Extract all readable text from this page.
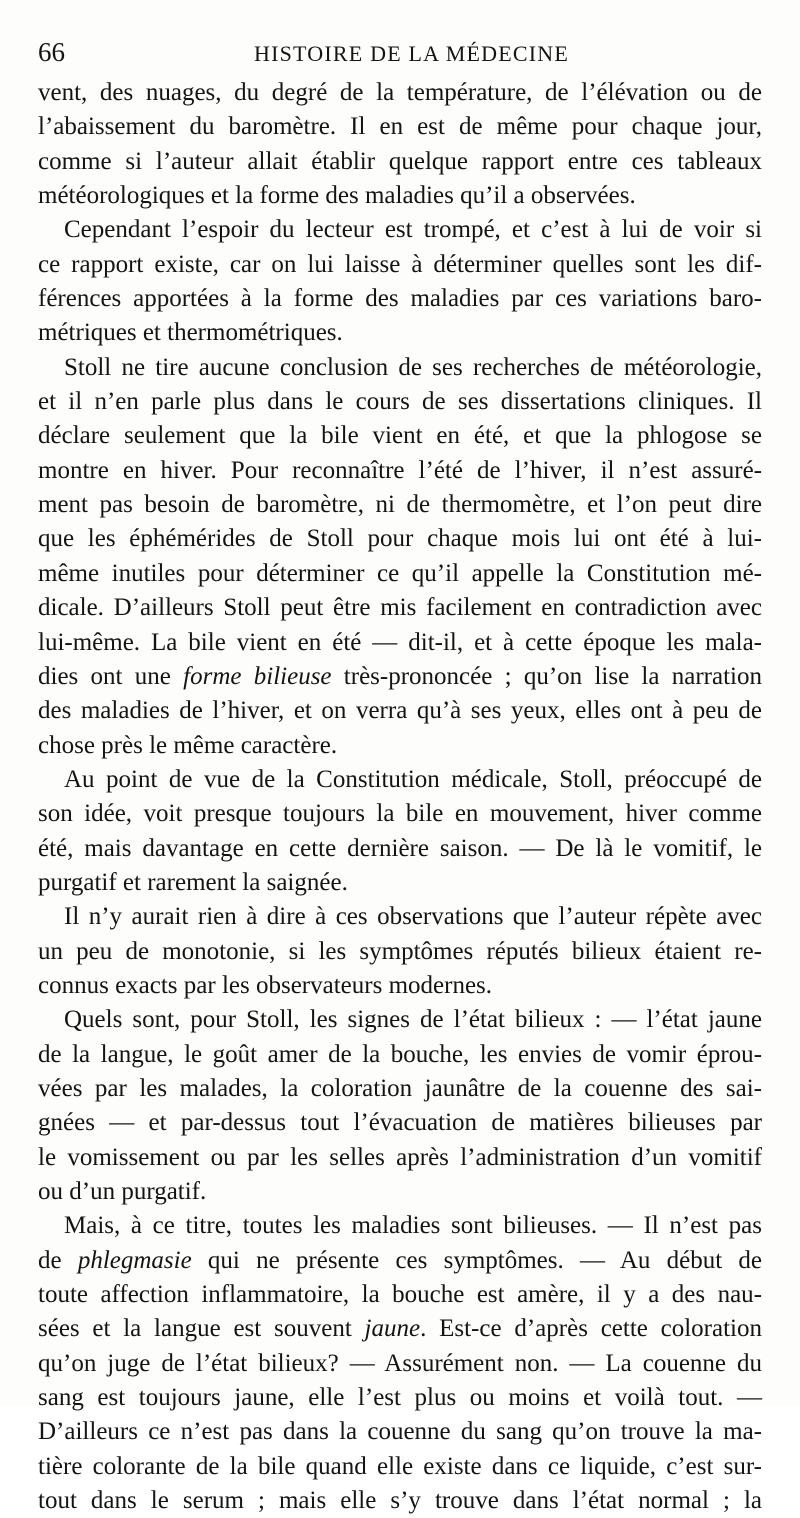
66	HISTOIRE DE LA MÉDECINE
vent, des nuages, du degré de la température, de l’élévation ou de
l’abaissement du baromètre. Il en est de même pour chaque jour,
comme si l’auteur allait établir quelque rapport entre ces tableaux
météorologiques et la forme des maladies qu’il a observées.
Cependant l’espoir du lecteur est trompé, et c’est à lui de voir si
ce rapport existe, car on lui laisse à déterminer quelles sont les dif-
férences apportées à la forme des maladies par ces variations baro-
métriques et thermométriques.
Stoll ne tire aucune conclusion de ses recherches de météorologie,
et il n’en parle plus dans le cours de ses dissertations cliniques. Il
déclare seulement que la bile vient en été, et que la phlogose se
montre en hiver. Pour reconnaître l’été de l’hiver, il n’est assuré-
ment pas besoin de baromètre, ni de thermomètre, et l’on peut dire
que les éphémérides de Stoll pour chaque mois lui ont été à lui-
même inutiles pour déterminer ce qu’il appelle la Constitution mé-
dicale. D’ailleurs Stoll peut être mis facilement en contradiction avec
lui-même. La bile vient en été — dit-il, et à cette époque les mala-
dies ont une forme bilieuse très-prononcée ; qu’on lise la narration
des maladies de l’hiver, et on verra qu’à ses yeux, elles ont à peu de
chose près le même caractère.
Au point de vue de la Constitution médicale, Stoll, préoccupé de
son idée, voit presque toujours la bile en mouvement, hiver comme
été, mais davantage en cette dernière saison. — De là le vomitif, le
purgatif et rarement la saignée.
Il n’y aurait rien à dire à ces observations que l’auteur répète avec
un peu de monotonie, si les symptômes réputés bilieux étaient re-
connus exacts par les observateurs modernes.
Quels sont, pour Stoll, les signes de l’état bilieux : — l’état jaune
de la langue, le goût amer de la bouche, les envies de vomir éprou-
vées par les malades, la coloration jaunâtre de la couenne des sai-
gnées — et par-dessus tout l’évacuation de matières bilieuses par
le vomissement ou par les selles après l’administration d’un vomitif
ou d’un purgatif.
Mais, à ce titre, toutes les maladies sont bilieuses. — Il n’est pas
de phlegmasie qui ne présente ces symptômes. — Au début de
toute affection inflammatoire, la bouche est amère, il y a des nau-
sées et la langue est souvent jaune. Est-ce d’après cette coloration
qu’on juge de l’état bilieux? — Assurément non. — La couenne du
sang est toujours jaune, elle l’est plus ou moins et voilà tout. —
D’ailleurs ce n’est pas dans la couenne du sang qu’on trouve la ma-
tière colorante de la bile quand elle existe dans ce liquide, c’est sur-
tout dans le serum ; mais elle s’y trouve dans l’état normal ; la
